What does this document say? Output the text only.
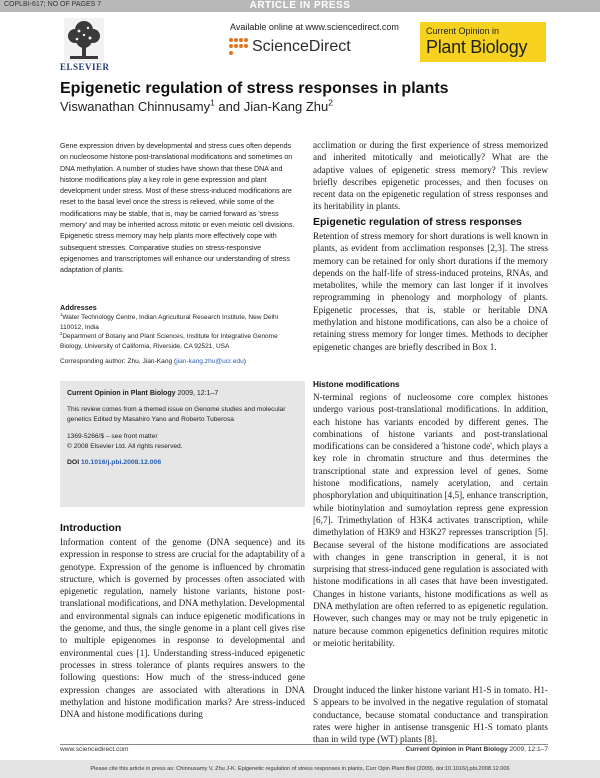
COPLBI-617; NO OF PAGES 7	ARTICLE IN PRESS
ELSEVIER
Available online at www.sciencedirect.com
ScienceDirect
Current Opinion in
Plant Biology
Epigenetic regulation of stress responses in plants
Viswanathan Chinnusamy$^1$ and Jian-Kang Zhu$^2$
Gene expression driven by developmental and stress cues often depends on nucleosome histone post-translational modifications and sometimes on DNA methylation. A number of studies have shown that these DNA and histone modifications play a key role in gene expression and plant development under stress. Most of these stress-induced modifications are reset to the basal level once the stress is relieved, while some of the modifications may be stable, that is, may be carried forward as 'stress memory' and may be inherited across mitotic or even meiotic cell divisions. Epigenetic stress memory may help plants more effectively cope with subsequent stresses. Comparative studies on stress-responsive epigenomes and transcriptomes will enhance our understanding of stress adaptation of plants.
Addresses
$^1$Water Technology Centre, Indian Agricultural Research Institute, New Delhi 110012, India
$^2$Department of Botany and Plant Sciences, Institute for Integrative Genome Biology, University of California, Riverside, CA 92521, USA
Corresponding author: Zhu, Jian-Kang (jian-kang.zhu@ucr.edu)
Current Opinion in Plant Biology 2009, 12:1–7
This review comes from a themed issue on Genome studies and molecular genetics Edited by Masahiro Yano and Roberto Tuberosa
1369-5266/$ – see front matter
© 2008 Elsevier Ltd. All rights reserved.
DOI 10.1016/j.pbi.2008.12.006
Introduction
Information content of the genome (DNA sequence) and its expression in response to stress are crucial for the adaptability of a genotype. Expression of the genome is influenced by chromatin structure, which is governed by processes often associated with epigenetic regulation, namely histone variants, histone post-translational modifications, and DNA methylation. Developmental and environmental signals can induce epigenetic modifications in the genome, and thus, the single genome in a plant cell gives rise to multiple epigenomes in response to developmental and environmental cues [1]. Understanding stress-induced epigenetic processes in stress tolerance of plants requires answers to the following questions: How much of the stress-induced gene expression changes are associated with alterations in DNA methylation and histone modification marks? Are stress-induced DNA and histone modifications during
acclimation or during the first experience of stress memorized and inherited mitotically and meiotically? What are the adaptive values of epigenetic stress memory? This review briefly describes epigenetic processes, and then focuses on recent data on the epigenetic regulation of stress responses and its heritability in plants.
Epigenetic regulation of stress responses
Retention of stress memory for short durations is well known in plants, as evident from acclimation responses [2,3]. The stress memory can be retained for only short durations if the memory depends on the half-life of stress-induced proteins, RNAs, and metabolites, while the memory can last longer if it involves reprogramming in phenology and morphology of plants. Epigenetic processes, that is, stable or heritable DNA methylation and histone modifications, can also be a choice of retaining stress memory for longer times. Methods to decipher epigenetic changes are briefly described in Box 1.
Histone modifications
N-terminal regions of nucleosome core complex histones undergo various post-translational modifications. In addition, each histone has variants encoded by different genes. The combinations of histone variants and post-translational modifications can be considered a 'histone code', which plays a key role in chromatin structure and thus determines the transcriptional state and expression level of genes. Some histone modifications, namely acetylation, and certain phosphorylation and ubiquitination [4,5], enhance transcription, while biotinylation and sumoylation repress gene expression [6,7]. Trimethylation of H3K4 activates transcription, while dimethylation of H3K9 and H3K27 represses transcription [5]. Because several of the histone modifications are associated with changes in gene transcription in general, it is not surprising that stress-induced gene regulation is associated with histone modifications in all cases that have been investigated. Changes in histone variants, histone modifications as well as DNA methylation are often referred to as epigenetic regulation. However, such changes may or may not be truly epigenetic in nature because common epigenetics definition requires mitotic or meiotic heritability.
Drought induced the linker histone variant H1-S in tomato. H1-S appears to be involved in the negative regulation of stomatal conductance, because stomatal conductance and transpiration rates were higher in antisense transgenic H1-S tomato plants than in wild type (WT) plants [8].
www.sciencedirect.com	Current Opinion in Plant Biology 2009, 12:1–7
Please cite this article in press as: Chinnusamy V, Zhu J-K. Epigenetic regulation of stress responses in plants, Curr Opin Plant Biol (2009), doi:10.1016/j.pbi.2008.12.006
